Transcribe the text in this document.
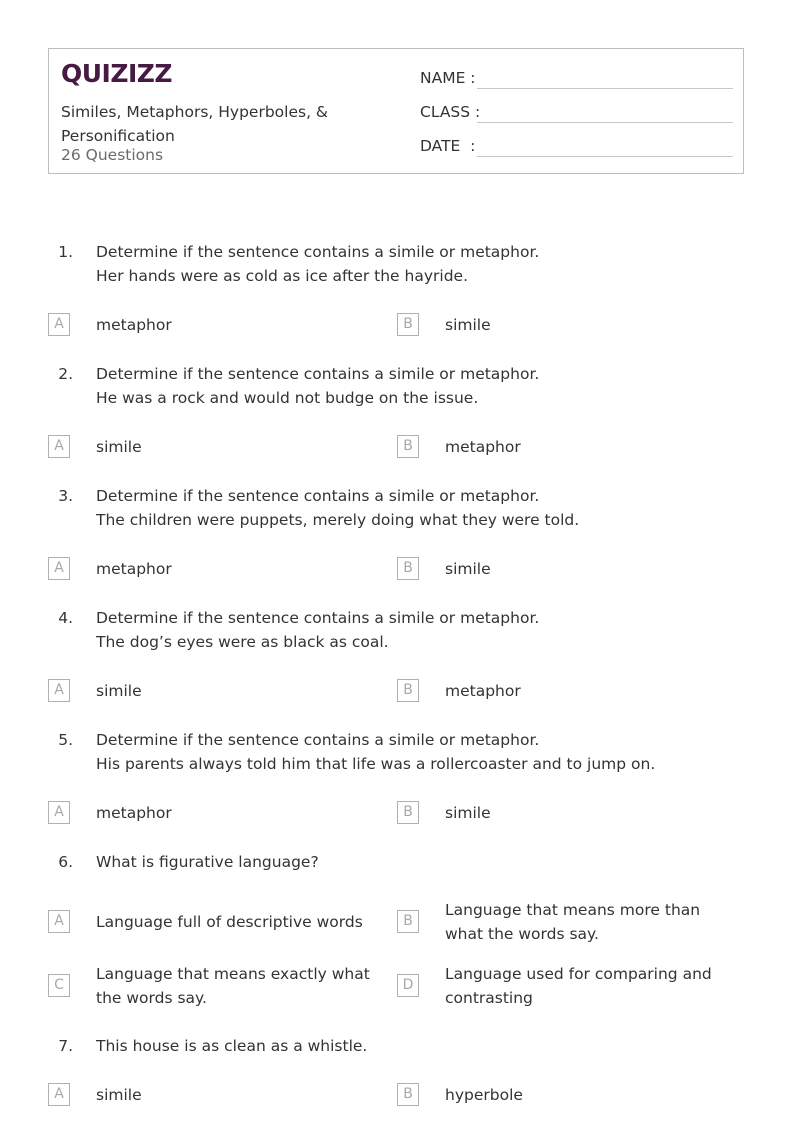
QUIZIZZ
Similes, Metaphors, Hyperboles, & Personification
26 Questions
NAME :
CLASS :
DATE  :
1. Determine if the sentence contains a simile or metaphor.
Her hands were as cold as ice after the hayride.
A	metaphor	B	simile
2. Determine if the sentence contains a simile or metaphor.
He was a rock and would not budge on the issue.
A	simile	B	metaphor
3. Determine if the sentence contains a simile or metaphor.
The children were puppets, merely doing what they were told.
A	metaphor	B	simile
4. Determine if the sentence contains a simile or metaphor.
The dog’s eyes were as black as coal.
A	simile	B	metaphor
5. Determine if the sentence contains a simile or metaphor.
His parents always told him that life was a rollercoaster and to jump on.
A	metaphor	B	simile
6. What is figurative language?
A	Language full of descriptive words	B
Language that means more than what the words say.
C
Language that means exactly what the words say.
D
Language used for comparing and contrasting
7. This house is as clean as a whistle.
A	simile	B	hyperbole
